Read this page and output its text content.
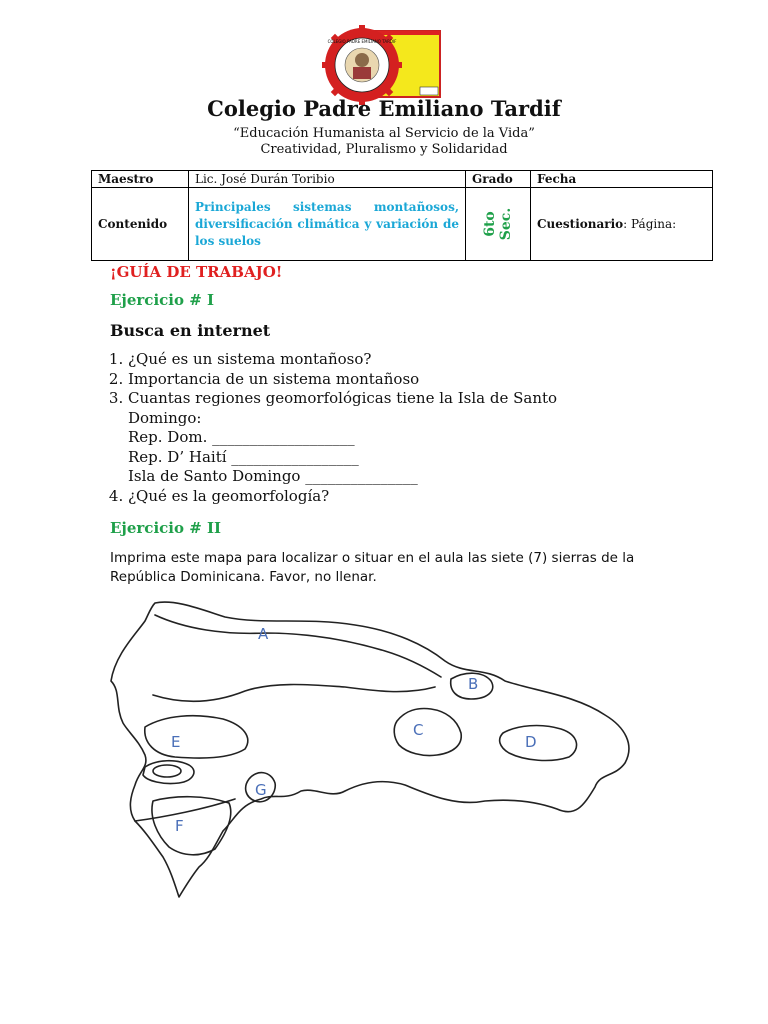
COLEGIO PADRE EMILIANO TARDIF
Colegio Padre Emiliano Tardif
“Educación Humanista al Servicio de la Vida”
Creatividad, Pluralismo y Solidaridad
Maestro	Lic. José Durán Toribio	Grado	Fecha
Contenido	Principales sistemas montañosos, diversificación climática y variación de los suelos	6to Sec.	Cuestionario: Página:
¡GUÍA DE TRABAJO!
Ejercicio # I
Busca en internet
1. ¿Qué es un sistema montañoso?
2. Importancia de un sistema montañoso
3. Cuantas regiones geomorfológicas tiene la Isla de Santo Domingo:
Rep. Dom. ___________________
Rep. D’ Haití _________________
Isla de Santo Domingo _______________
4. ¿Qué es la geomorfología?
Ejercicio # II
Imprima este mapa para localizar o situar en el aula las siete (7) sierras de la República Dominicana. Favor, no llenar.
A
B
C
D
E
F
G
